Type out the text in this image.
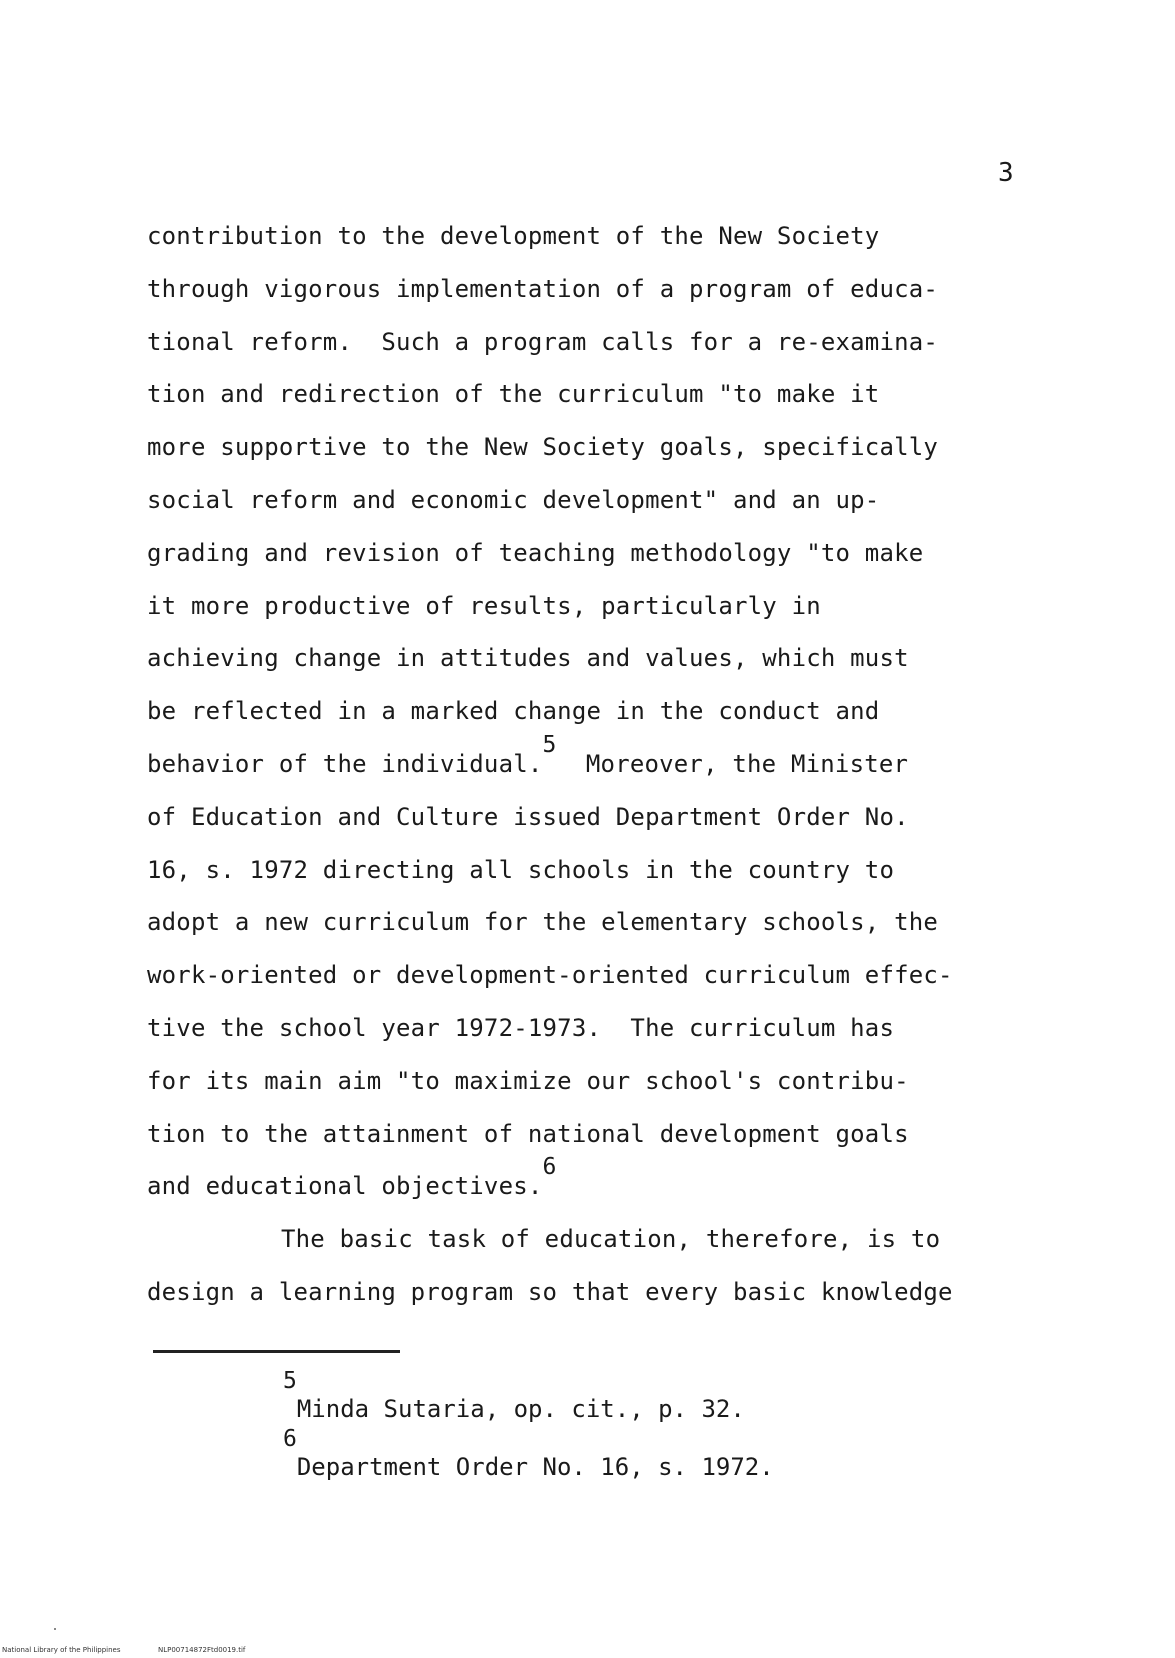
3
contribution to the development of the New Society
through vigorous implementation of a program of educa-
tional reform.  Such a program calls for a re-examina-
tion and redirection of the curriculum "to make it
more supportive to the New Society goals, specifically
social reform and economic development" and an up-
grading and revision of teaching methodology "to make
it more productive of results, particularly in
achieving change in attitudes and values, which must
be reflected in a marked change in the conduct and
behavior of the individual.$^5$  Moreover, the Minister
of Education and Culture issued Department Order No.
16, s. 1972 directing all schools in the country to
adopt a new curriculum for the elementary schools, the
work-oriented or development-oriented curriculum effec-
tive the school year 1972-1973.  The curriculum has
for its main aim "to maximize our school's contribu-
tion to the attainment of national development goals
and educational objectives.$^6$
The basic task of education, therefore, is to
design a learning program so that every basic knowledge
$^5$Minda Sutaria, op. cit., p. 32.
$^6$Department Order No. 16, s. 1972.
National Library of the Philippines	NLP00714872Ftd0019.tif
